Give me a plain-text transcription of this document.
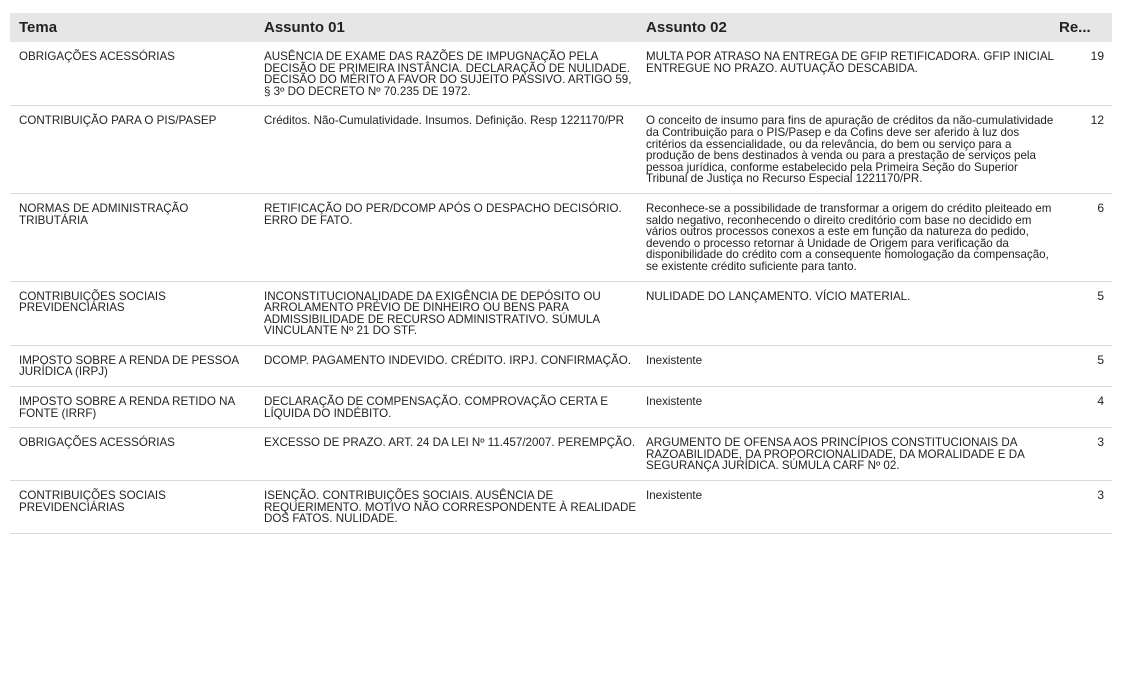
Tema	Assunto 01	Assunto 02	Re...
OBRIGAÇÕES ACESSÓRIAS	AUSÊNCIA DE EXAME DAS RAZÕES DE IMPUGNAÇÃO PELA DECISÃO DE PRIMEIRA INSTÂNCIA. DECLARAÇÃO DE NULIDADE. DECISÃO DO MÉRITO A FAVOR DO SUJEITO PASSIVO. ARTIGO 59, § 3º DO DECRETO Nº 70.235 DE 1972.	MULTA POR ATRASO NA ENTREGA DE GFIP RETIFICADORA. GFIP INICIAL ENTREGUE NO PRAZO. AUTUAÇÃO DESCABIDA.	19
CONTRIBUIÇÃO PARA O PIS/PASEP	Créditos. Não-Cumulatividade. Insumos. Definição. Resp 1221170/PR	O conceito de insumo para fins de apuração de créditos da não-cumulatividade da Contribuição para o PIS/Pasep e da Cofins deve ser aferido à luz dos critérios da essencialidade, ou da relevância, do bem ou serviço para a produção de bens destinados à venda ou para a prestação de serviços pela pessoa jurídica, conforme estabelecido pela Primeira Seção do Superior Tribunal de Justiça no Recurso Especial 1221170/PR.	12
NORMAS DE ADMINISTRAÇÃO TRIBUTÁRIA	RETIFICAÇÃO DO PER/DCOMP APÓS O DESPACHO DECISÓRIO. ERRO DE FATO.	Reconhece-se a possibilidade de transformar a origem do crédito pleiteado em saldo negativo, reconhecendo o direito creditório com base no decidido em vários outros processos conexos a este em função da natureza do pedido, devendo o processo retornar à Unidade de Origem para verificação da disponibilidade do crédito com a consequente homologação da compensação, se existente crédito suficiente para tanto.	6
CONTRIBUIÇÕES SOCIAIS PREVIDENCIÁRIAS	INCONSTITUCIONALIDADE DA EXIGÊNCIA DE DEPÓSITO OU ARROLAMENTO PRÉVIO DE DINHEIRO OU BENS PARA ADMISSIBILIDADE DE RECURSO ADMINISTRATIVO. SÚMULA VINCULANTE Nº 21 DO STF.	NULIDADE DO LANÇAMENTO. VÍCIO MATERIAL.	5
IMPOSTO SOBRE A RENDA DE PESSOA JURÍDICA (IRPJ)	DCOMP. PAGAMENTO INDEVIDO. CRÉDITO. IRPJ. CONFIRMAÇÃO.	Inexistente	5
IMPOSTO SOBRE A RENDA RETIDO NA FONTE (IRRF)	DECLARAÇÃO DE COMPENSAÇÃO. COMPROVAÇÃO CERTA E LÍQUIDA DO INDÉBITO.	Inexistente	4
OBRIGAÇÕES ACESSÓRIAS	EXCESSO DE PRAZO. ART. 24 DA LEI Nº 11.457/2007. PEREMPÇÃO.	ARGUMENTO DE OFENSA AOS PRINCÍPIOS CONSTITUCIONAIS DA RAZOABILIDADE, DA PROPORCIONALIDADE, DA MORALIDADE E DA SEGURANÇA JURÍDICA. SÚMULA CARF Nº 02.	3
CONTRIBUIÇÕES SOCIAIS PREVIDENCIÁRIAS	ISENÇÃO. CONTRIBUIÇÕES SOCIAIS. AUSÊNCIA DE REQUERIMENTO. MOTIVO NÃO CORRESPONDENTE À REALIDADE DOS FATOS. NULIDADE.	Inexistente	3
